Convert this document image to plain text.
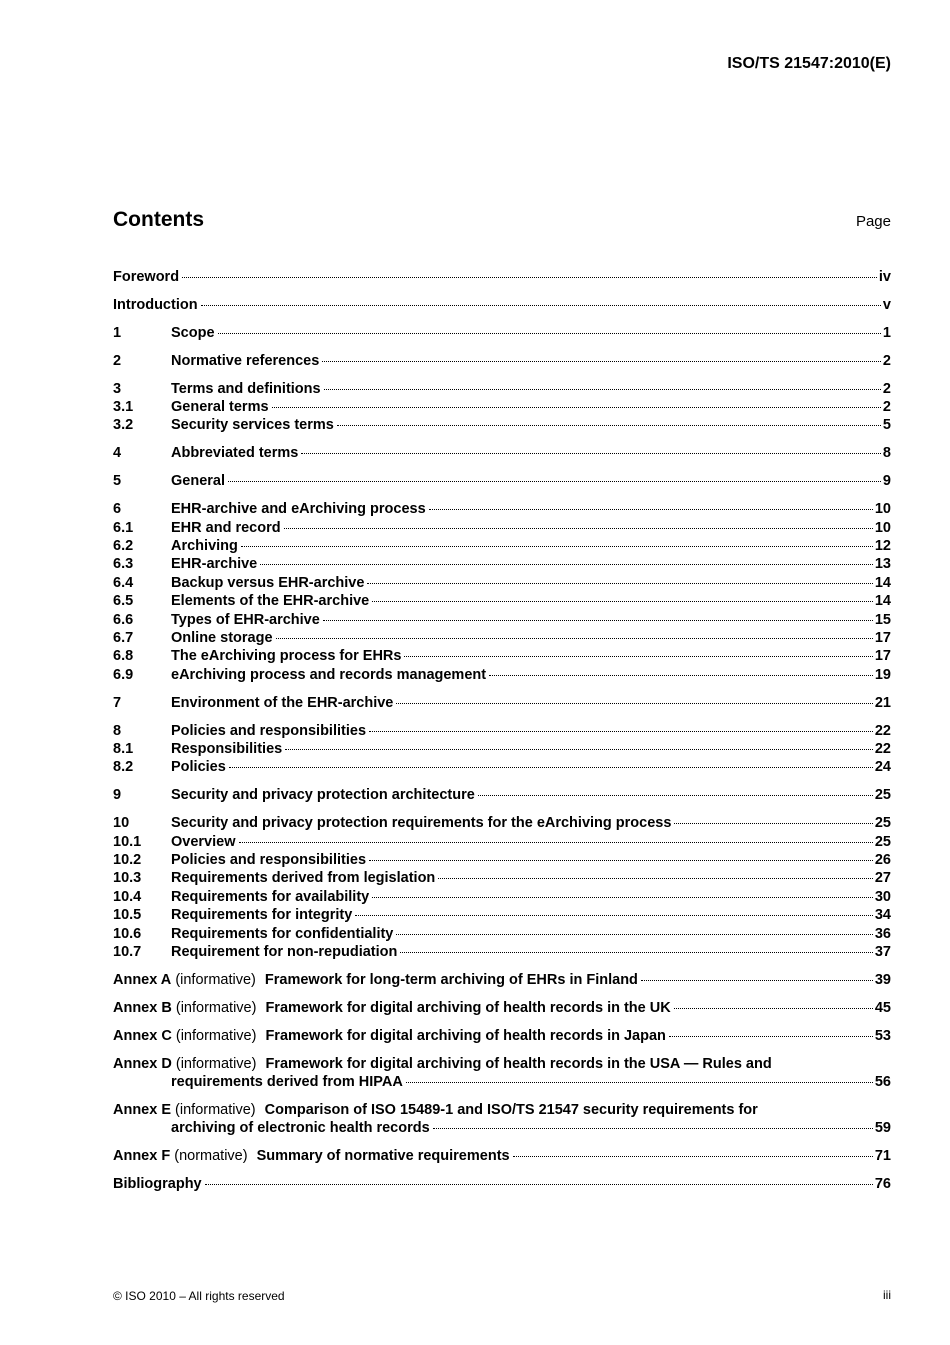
ISO/TS 21547:2010(E)
Contents	Page
Foreword	iv
Introduction	v
1	Scope	1
2	Normative references	2
3	Terms and definitions	2
3.1	General terms	2
3.2	Security services terms	5
4	Abbreviated terms	8
5	General	9
6	EHR-archive and eArchiving process	10
6.1	EHR and record	10
6.2	Archiving	12
6.3	EHR-archive	13
6.4	Backup versus EHR-archive	14
6.5	Elements of the EHR-archive	14
6.6	Types of EHR-archive	15
6.7	Online storage	17
6.8	The eArchiving process for EHRs	17
6.9	eArchiving process and records management	19
7	Environment of the EHR-archive	21
8	Policies and responsibilities	22
8.1	Responsibilities	22
8.2	Policies	24
9	Security and privacy protection architecture	25
10	Security and privacy protection requirements for the eArchiving process	25
10.1	Overview	25
10.2	Policies and responsibilities	26
10.3	Requirements derived from legislation	27
10.4	Requirements for availability	30
10.5	Requirements for integrity	34
10.6	Requirements for confidentiality	36
10.7	Requirement for non-repudiation	37
Annex A (informative) Framework for long-term archiving of EHRs in Finland	39
Annex B (informative) Framework for digital archiving of health records in the UK	45
Annex C (informative) Framework for digital archiving of health records in Japan	53
Annex D (informative) Framework for digital archiving of health records in the USA — Rules and
requirements derived from HIPAA	56
Annex E (informative) Comparison of ISO 15489-1 and ISO/TS 21547 security requirements for
archiving of electronic health records	59
Annex F (normative) Summary of normative requirements	71
Bibliography	76
© ISO 2010 – All rights reserved	iii
